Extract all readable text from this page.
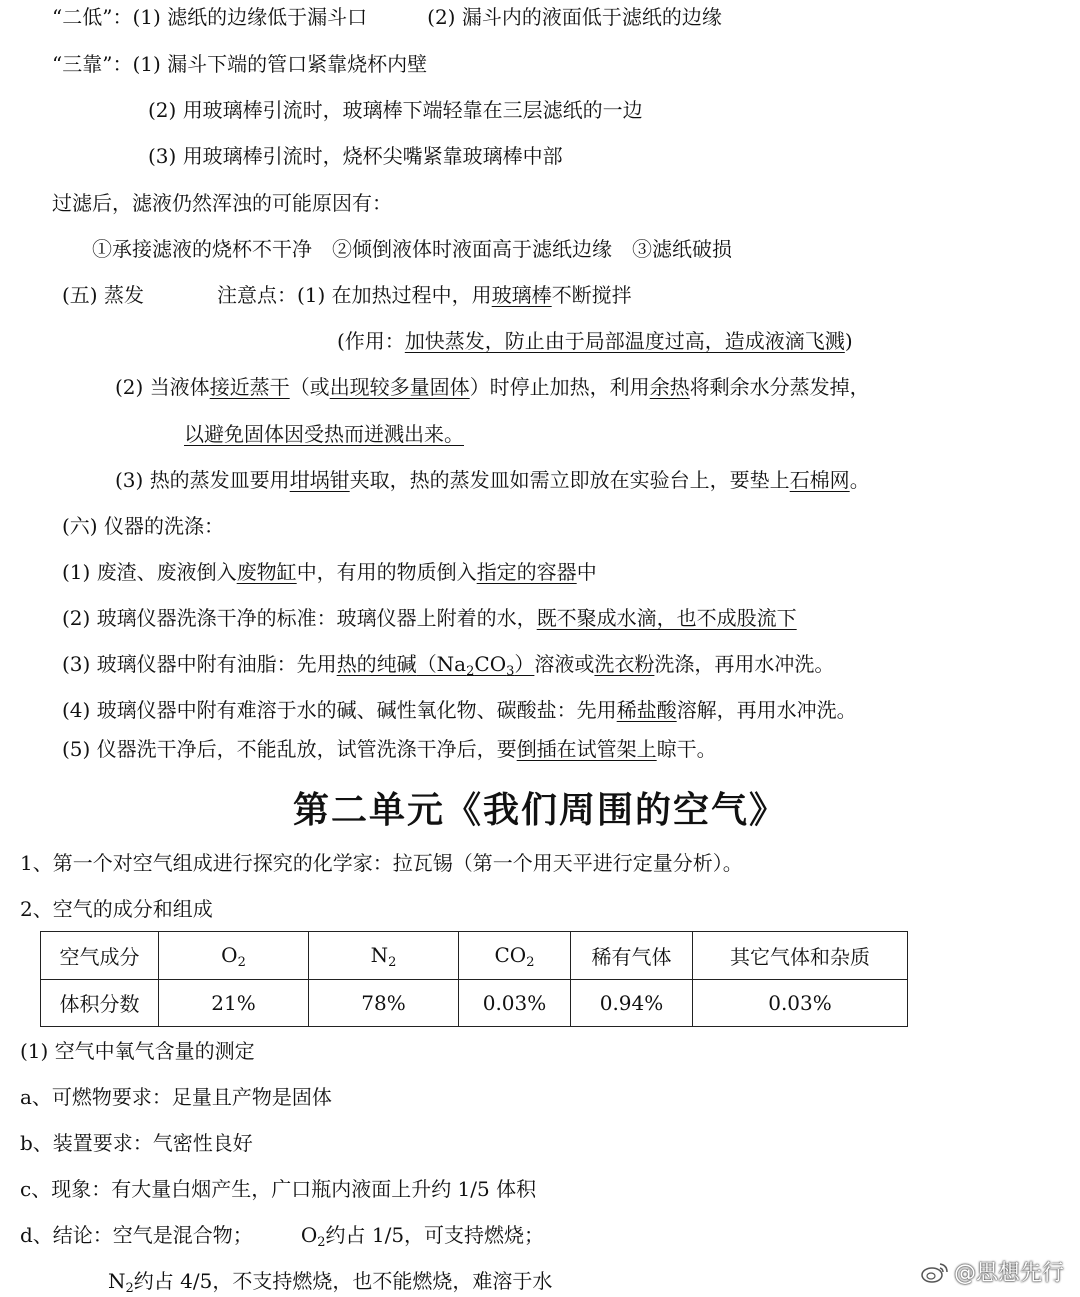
“二低”：(1) 滤纸的边缘低于漏斗口	(2) 漏斗内的液面低于滤纸的边缘
“三靠”：(1) 漏斗下端的管口紧靠烧杯内壁
(2) 用玻璃棒引流时，玻璃棒下端轻靠在三层滤纸的一边
(3) 用玻璃棒引流时，烧杯尖嘴紧靠玻璃棒中部
过滤后，滤液仍然浑浊的可能原因有：
①承接滤液的烧杯不干净　②倾倒液体时液面高于滤纸边缘　③滤纸破损
(五) 蒸发	注意点：(1) 在加热过程中，用玻璃棒不断搅拌
(作用：加快蒸发，防止由于局部温度过高，造成液滴飞溅)
(2) 当液体接近蒸干（或出现较多量固体）时停止加热，利用余热将剩余水分蒸发掉，
以避免固体因受热而迸溅出来。
(3) 热的蒸发皿要用坩埚钳夹取，热的蒸发皿如需立即放在实验台上，要垫上石棉网。
(六) 仪器的洗涤：
(1) 废渣、废液倒入废物缸中，有用的物质倒入指定的容器中
(2) 玻璃仪器洗涤干净的标准：玻璃仪器上附着的水，既不聚成水滴，也不成股流下
(3) 玻璃仪器中附有油脂：先用热的纯碱$(Na_2CO_3)$溶液或洗衣粉洗涤，再用水冲洗。
(4) 玻璃仪器中附有难溶于水的碱、碱性氧化物、碳酸盐：先用稀盐酸溶解，再用水冲洗。
(5) 仪器洗干净后，不能乱放，试管洗涤干净后，要倒插在试管架上晾干。
第二单元《我们周围的空气》
1、第一个对空气组成进行探究的化学家：拉瓦锡（第一个用天平进行定量分析）。
2、空气的成分和组成
空气成分	$O_2$	$N_2$	$CO_2$	稀有气体	其它气体和杂质
体积分数	21%	78%	0.03%	0.94%	0.03%
(1) 空气中氧气含量的测定
a、可燃物要求：足量且产物是固体
b、装置要求：气密性良好
c、现象：有大量白烟产生，广口瓶内液面上升约 1/5 体积
d、结论：空气是混合物； $O_2$约占 1/5，可支持燃烧；
$N_2$约占 4/5，不支持燃烧，也不能燃烧，难溶于水	@思想先行
